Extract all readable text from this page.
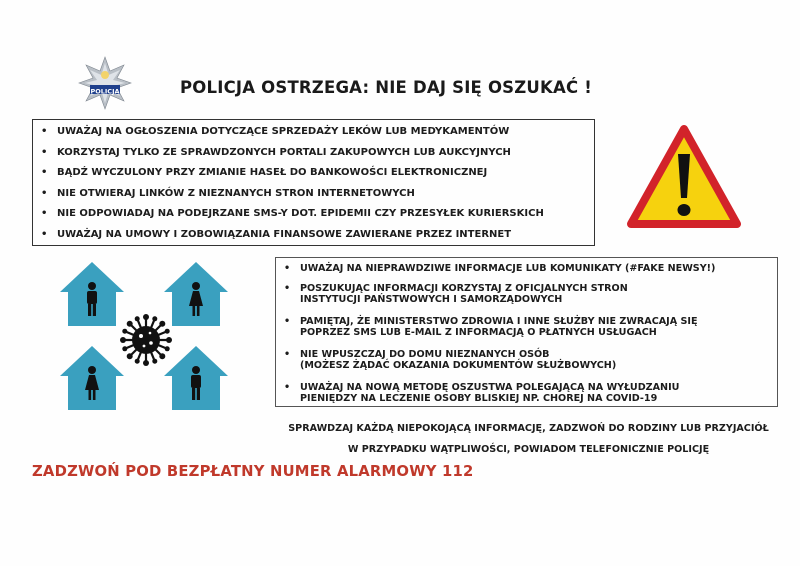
POLICJA	POLICJA OSTRZEGA: NIE DAJ SIĘ OSZUKAĆ !
• UWAŻAJ NA OGŁOSZENIA DOTYCZĄCE SPRZEDAŻY LEKÓW LUB MEDYKAMENTÓW
• KORZYSTAJ TYLKO ZE SPRAWDZONYCH PORTALI ZAKUPOWYCH LUB AUKCYJNYCH
• BĄDŹ WYCZULONY PRZY ZMIANIE HASEŁ DO BANKOWOŚCI ELEKTRONICZNEJ
• NIE OTWIERAJ LINKÓW Z NIEZNANYCH STRON INTERNETOWYCH
• NIE ODPOWIADAJ NA PODEJRZANE SMS-Y DOT. EPIDEMII CZY PRZESYŁEK KURIERSKICH
• UWAŻAJ NA UMOWY I ZOBOWIĄZANIA FINANSOWE ZAWIERANE PRZEZ INTERNET
•	UWAŻAJ NA NIEPRAWDZIWE INFORMACJE LUB KOMUNIKATY (#FAKE NEWSY!)
•	POSZUKUJĄC INFORMACJI KORZYSTAJ Z OFICJALNYCH STRON
INSTYTUCJI PAŃSTWOWYCH I SAMORZĄDOWYCH
•	PAMIĘTAJ, ŻE MINISTERSTWO ZDROWIA I INNE SŁUŻBY NIE ZWRACAJĄ SIĘ
POPRZEZ SMS LUB E-MAIL Z INFORMACJĄ O PŁATNYCH USŁUGACH
•	NIE WPUSZCZAJ DO DOMU NIEZNANYCH OSÓB
(MOŻESZ ŻĄDAĆ OKAZANIA DOKUMENTÓW SŁUŻBOWYCH)
•	UWAŻAJ NA NOWĄ METODĘ OSZUSTWA POLEGAJĄCĄ NA WYŁUDZANIU
PIENIĘDZY NA LECZENIE OSOBY BLISKIEJ NP. CHOREJ NA COVID-19
SPRAWDZAJ KAŻDĄ NIEPOKOJĄCĄ INFORMACJĘ, ZADZWOŃ DO RODZINY LUB PRZYJACIÓŁ
W PRZYPADKU WĄTPLIWOŚCI, POWIADOM TELEFONICZNIE POLICJĘ
ZADZWOŃ POD BEZPŁATNY NUMER ALARMOWY 112
